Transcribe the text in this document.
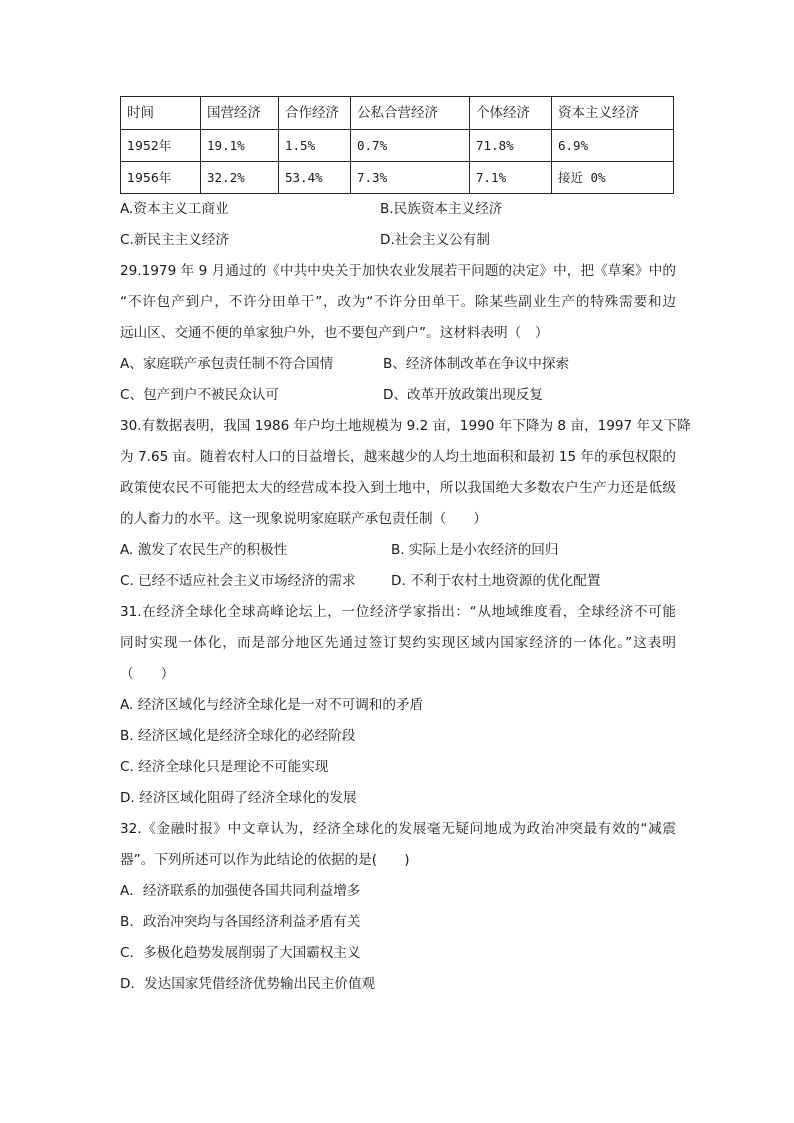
时间	国营经济	合作经济	公私合营经济	个体经济	资本主义经济
1952年	19.1%	1.5%	0.7%	71.8%	6.9%
1956年	32.2%	53.4%	7.3%	7.1%	接近 0%
A.资本主义工商业	B.民族资本主义经济
C.新民主主义经济	D.社会主义公有制
29.1979 年 9 月通过的《中共中央关于加快农业发展若干问题的决定》中，把《草案》中的
“不许包产到户，不许分田单干”，改为“不许分田单干。除某些副业生产的特殊需要和边
远山区、交通不便的单家独户外，也不要包产到户”。这材料表明（　）
A、家庭联产承包责任制不符合国情	B、经济体制改革在争议中探索
C、包产到户不被民众认可	D、改革开放政策出现反复
30.有数据表明，我国 1986 年户均土地规模为 9.2 亩，1990 年下降为 8 亩，1997 年又下降
为 7.65 亩。随着农村人口的日益增长，越来越少的人均土地面积和最初 15 年的承包权限的
政策使农民不可能把太大的经营成本投入到土地中，所以我国绝大多数农户生产力还是低级
的人畜力的水平。这一现象说明家庭联产承包责任制（　　）
A. 激发了农民生产的积极性	B. 实际上是小农经济的回归
C. 已经不适应社会主义市场经济的需求	D. 不利于农村土地资源的优化配置
31.在经济全球化全球高峰论坛上，一位经济学家指出：“从地域维度看，全球经济不可能
同时实现一体化，而是部分地区先通过签订契约实现区域内国家经济的一体化。”这表明
（　　）
A. 经济区域化与经济全球化是一对不可调和的矛盾
B. 经济区域化是经济全球化的必经阶段
C. 经济全球化只是理论不可能实现
D. 经济区域化阻碍了经济全球化的发展
32.《金融时报》中文章认为，经济全球化的发展毫无疑问地成为政治冲突最有效的“减震
器”。下列所述可以作为此结论的依据的是(　　)
A．经济联系的加强使各国共同利益增多
B．政治冲突均与各国经济利益矛盾有关
C．多极化趋势发展削弱了大国霸权主义
D．发达国家凭借经济优势输出民主价值观
